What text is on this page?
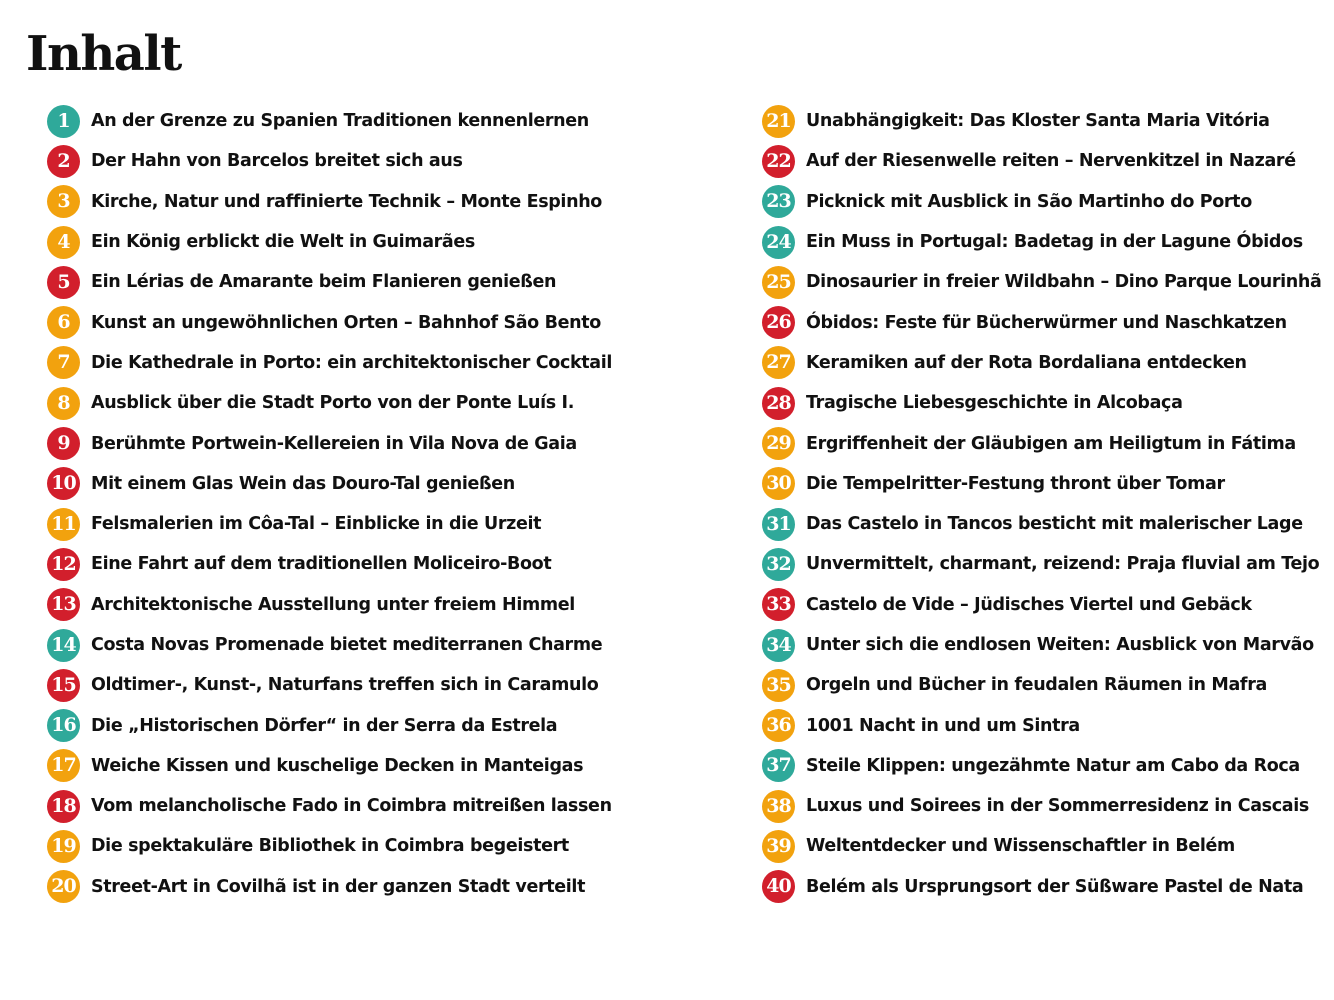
Inhalt
1	An der Grenze zu Spanien Traditionen kennenlernen
2	Der Hahn von Barcelos breitet sich aus
3	Kirche, Natur und raffinierte Technik – Monte Espinho
4	Ein König erblickt die Welt in Guimarães
5	Ein Lérias de Amarante beim Flanieren genießen
6	Kunst an ungewöhnlichen Orten – Bahnhof São Bento
7	Die Kathedrale in Porto: ein architektonischer Cocktail
8	Ausblick über die Stadt Porto von der Ponte Luís I.
9	Berühmte Portwein-Kellereien in Vila Nova de Gaia
10 Mit einem Glas Wein das Douro-Tal genießen
11 Felsmalerien im Côa-Tal – Einblicke in die Urzeit
12 Eine Fahrt auf dem traditionellen Moliceiro-Boot
13 Architektonische Ausstellung unter freiem Himmel
14 Costa Novas Promenade bietet mediterranen Charme
15 Oldtimer-, Kunst-, Naturfans treffen sich in Caramulo
16 Die „Historischen Dörfer“ in der Serra da Estrela
17 Weiche Kissen und kuschelige Decken in Manteigas
18 Vom melancholische Fado in Coimbra mitreißen lassen
19 Die spektakuläre Bibliothek in Coimbra begeistert
20 Street-Art in Covilhã ist in der ganzen Stadt verteilt
21 Unabhängigkeit: Das Kloster Santa Maria Vitória
22 Auf der Riesenwelle reiten – Nervenkitzel in Nazaré
23 Picknick mit Ausblick in São Martinho do Porto
24 Ein Muss in Portugal: Badetag in der Lagune Óbidos
25 Dinosaurier in freier Wildbahn – Dino Parque Lourinhã
26 Óbidos: Feste für Bücherwürmer und Naschkatzen
27 Keramiken auf der Rota Bordaliana entdecken
28 Tragische Liebesgeschichte in Alcobaça
29 Ergriffenheit der Gläubigen am Heiligtum in Fátima
30 Die Tempelritter-Festung thront über Tomar
31 Das Castelo in Tancos besticht mit malerischer Lage
32 Unvermittelt, charmant, reizend: Praja fluvial am Tejo
33 Castelo de Vide – Jüdisches Viertel und Gebäck
34 Unter sich die endlosen Weiten: Ausblick von Marvão
35 Orgeln und Bücher in feudalen Räumen in Mafra
36 1001 Nacht in und um Sintra
37 Steile Klippen: ungezähmte Natur am Cabo da Roca
38 Luxus und Soirees in der Sommerresidenz in Cascais
39 Weltentdecker und Wissenschaftler in Belém
40 Belém als Ursprungsort der Süßware Pastel de Nata
